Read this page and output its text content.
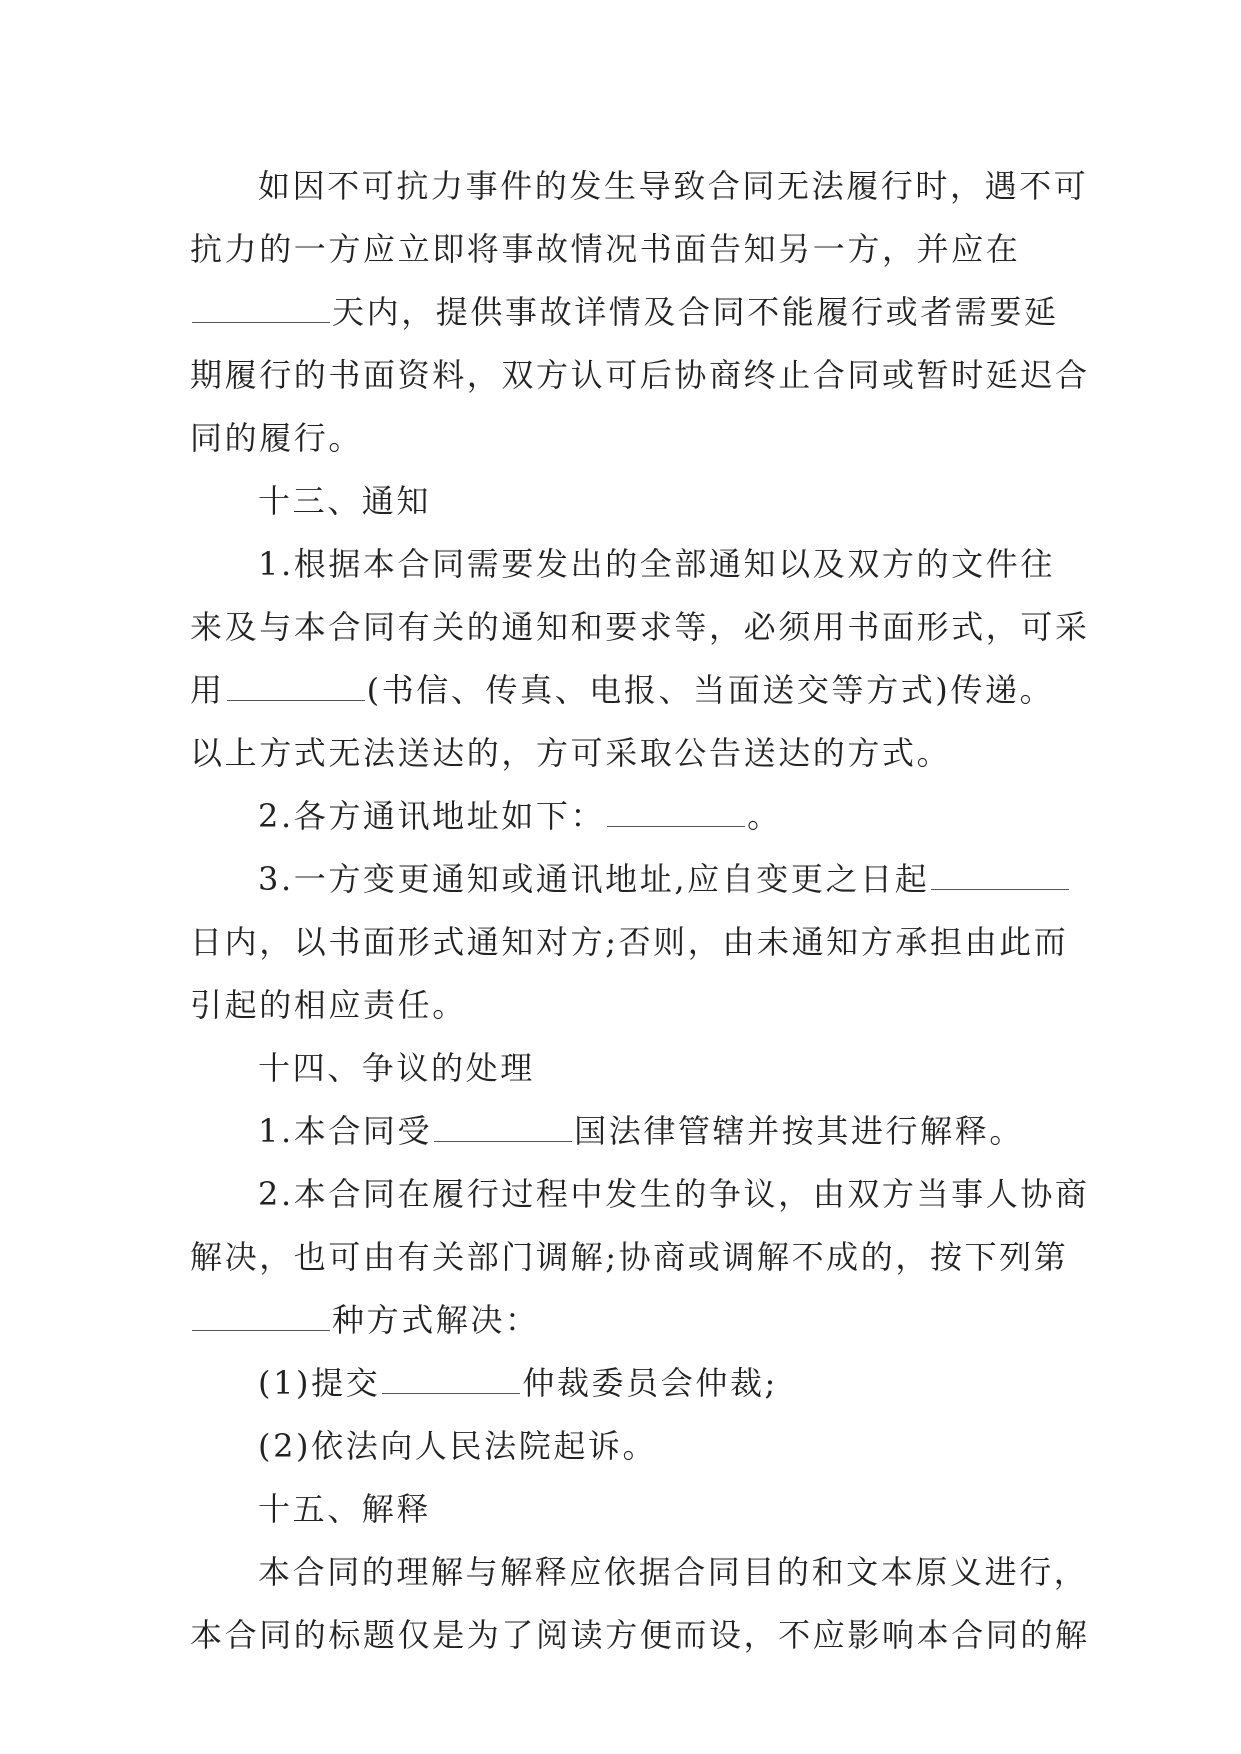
如因不可抗力事件的发生导致合同无法履行时，遇不可
抗力的一方应立即将事故情况书面告知另一方，并应在
天内，提供事故详情及合同不能履行或者需要延
期履行的书面资料，双方认可后协商终止合同或暂时延迟合
同的履行。
十三、通知
1.根据本合同需要发出的全部通知以及双方的文件往
来及与本合同有关的通知和要求等，必须用书面形式，可采
用	(书信、传真、电报、当面送交等方式)传递。
以上方式无法送达的，方可采取公告送达的方式。
2.各方通讯地址如下：	。
3.一方变更通知或通讯地址,应自变更之日起
日内，以书面形式通知对方;否则，由未通知方承担由此而
引起的相应责任。
十四、争议的处理
1.本合同受	国法律管辖并按其进行解释。
2.本合同在履行过程中发生的争议，由双方当事人协商
解决，也可由有关部门调解;协商或调解不成的，按下列第
种方式解决：
(1)提交	仲裁委员会仲裁;
(2)依法向人民法院起诉。
十五、解释
本合同的理解与解释应依据合同目的和文本原义进行，
本合同的标题仅是为了阅读方便而设，不应影响本合同的解
